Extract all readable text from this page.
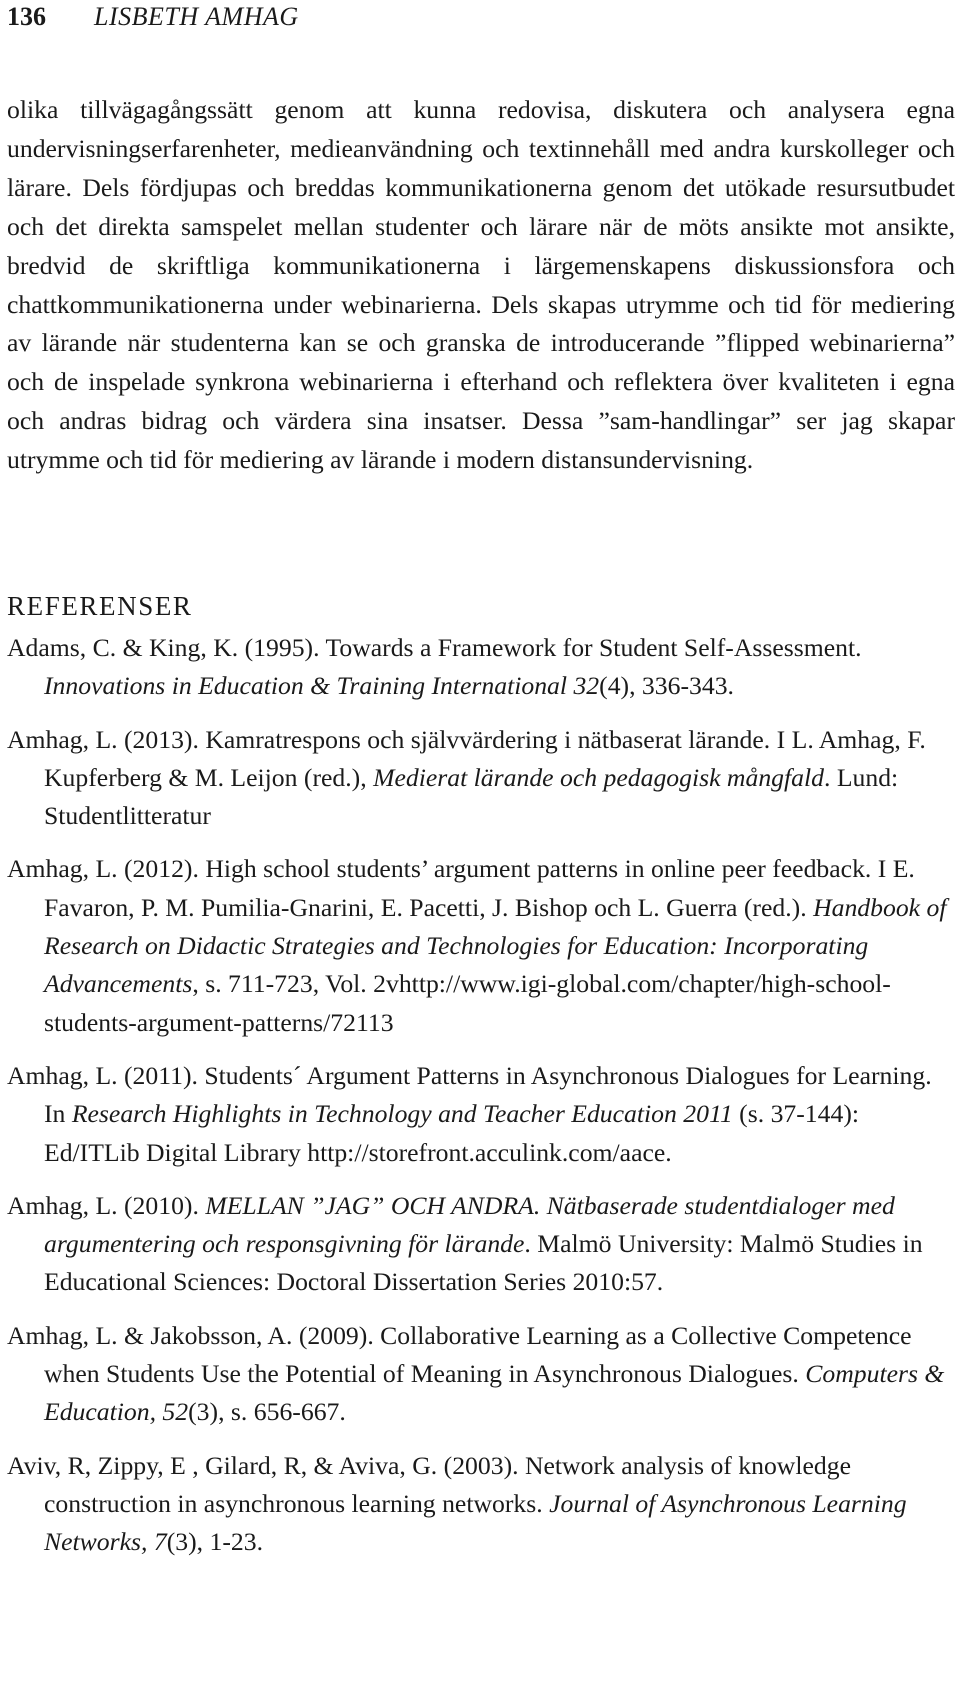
136 LISBETH AMHAG

olika tillvägagångssätt genom att kunna redovisa, diskutera och analysera egna undervisningserfarenheter, medieanvändning och textinnehåll med andra kurskolleger och lärare. Dels fördjupas och breddas kommunikationerna genom det utökade resursutbudet och det direkta samspelet mellan studenter och lärare när de möts ansikte mot ansikte, bredvid de skriftliga kommunikationerna i lärgemenskapens diskussionsfora och chattkommunikationerna under webinarierna. Dels skapas utrymme och tid för mediering av lärande när studenterna kan se och granska de introducerande ”flipped webinarierna” och de inspelade synkrona webinarierna i efterhand och reflektera över kvaliteten i egna och andras bidrag och värdera sina insatser. Dessa ”sam-handlingar” ser jag skapar utrymme och tid för mediering av lärande i modern distansundervisning.

REFERENSER

Adams, C. & King, K. (1995). Towards a Framework for Student Self-Assessment. Innovations in Education & Training International 32(4), 336-343.

Amhag, L. (2013). Kamratrespons och självvärdering i nätbaserat lärande. I L. Amhag, F. Kupferberg & M. Leijon (red.), Medierat lärande och pedagogisk mångfald. Lund: Studentlitteratur

Amhag, L. (2012). High school students’ argument patterns in online peer feedback. I E. Favaron, P. M. Pumilia-Gnarini, E. Pacetti, J. Bishop och L. Guerra (red.). Handbook of Research on Didactic Strategies and Technologies for Education: Incorporating Advancements, s. 711-723, Vol. 2vhttp://www.igi-global.com/chapter/high-school-students-argument-patterns/72113

Amhag, L. (2011). Students´ Argument Patterns in Asynchronous Dialogues for Learning. In Research Highlights in Technology and Teacher Education 2011 (s. 37-144): Ed/ITLib Digital Library http://storefront.acculink.com/aace.

Amhag, L. (2010). MELLAN ”JAG” OCH ANDRA. Nätbaserade studentdialoger med argumentering och responsgivning för lärande. Malmö University: Malmö Studies in Educational Sciences: Doctoral Dissertation Series 2010:57.

Amhag, L. & Jakobsson, A. (2009). Collaborative Learning as a Collective Competence when Students Use the Potential of Meaning in Asynchronous Dialogues. Computers & Education, 52(3), s. 656-667.

Aviv, R, Zippy, E , Gilard, R, & Aviva, G. (2003). Network analysis of knowledge construction in asynchronous learning networks. Journal of Asynchronous Learning Networks, 7(3), 1-23.
